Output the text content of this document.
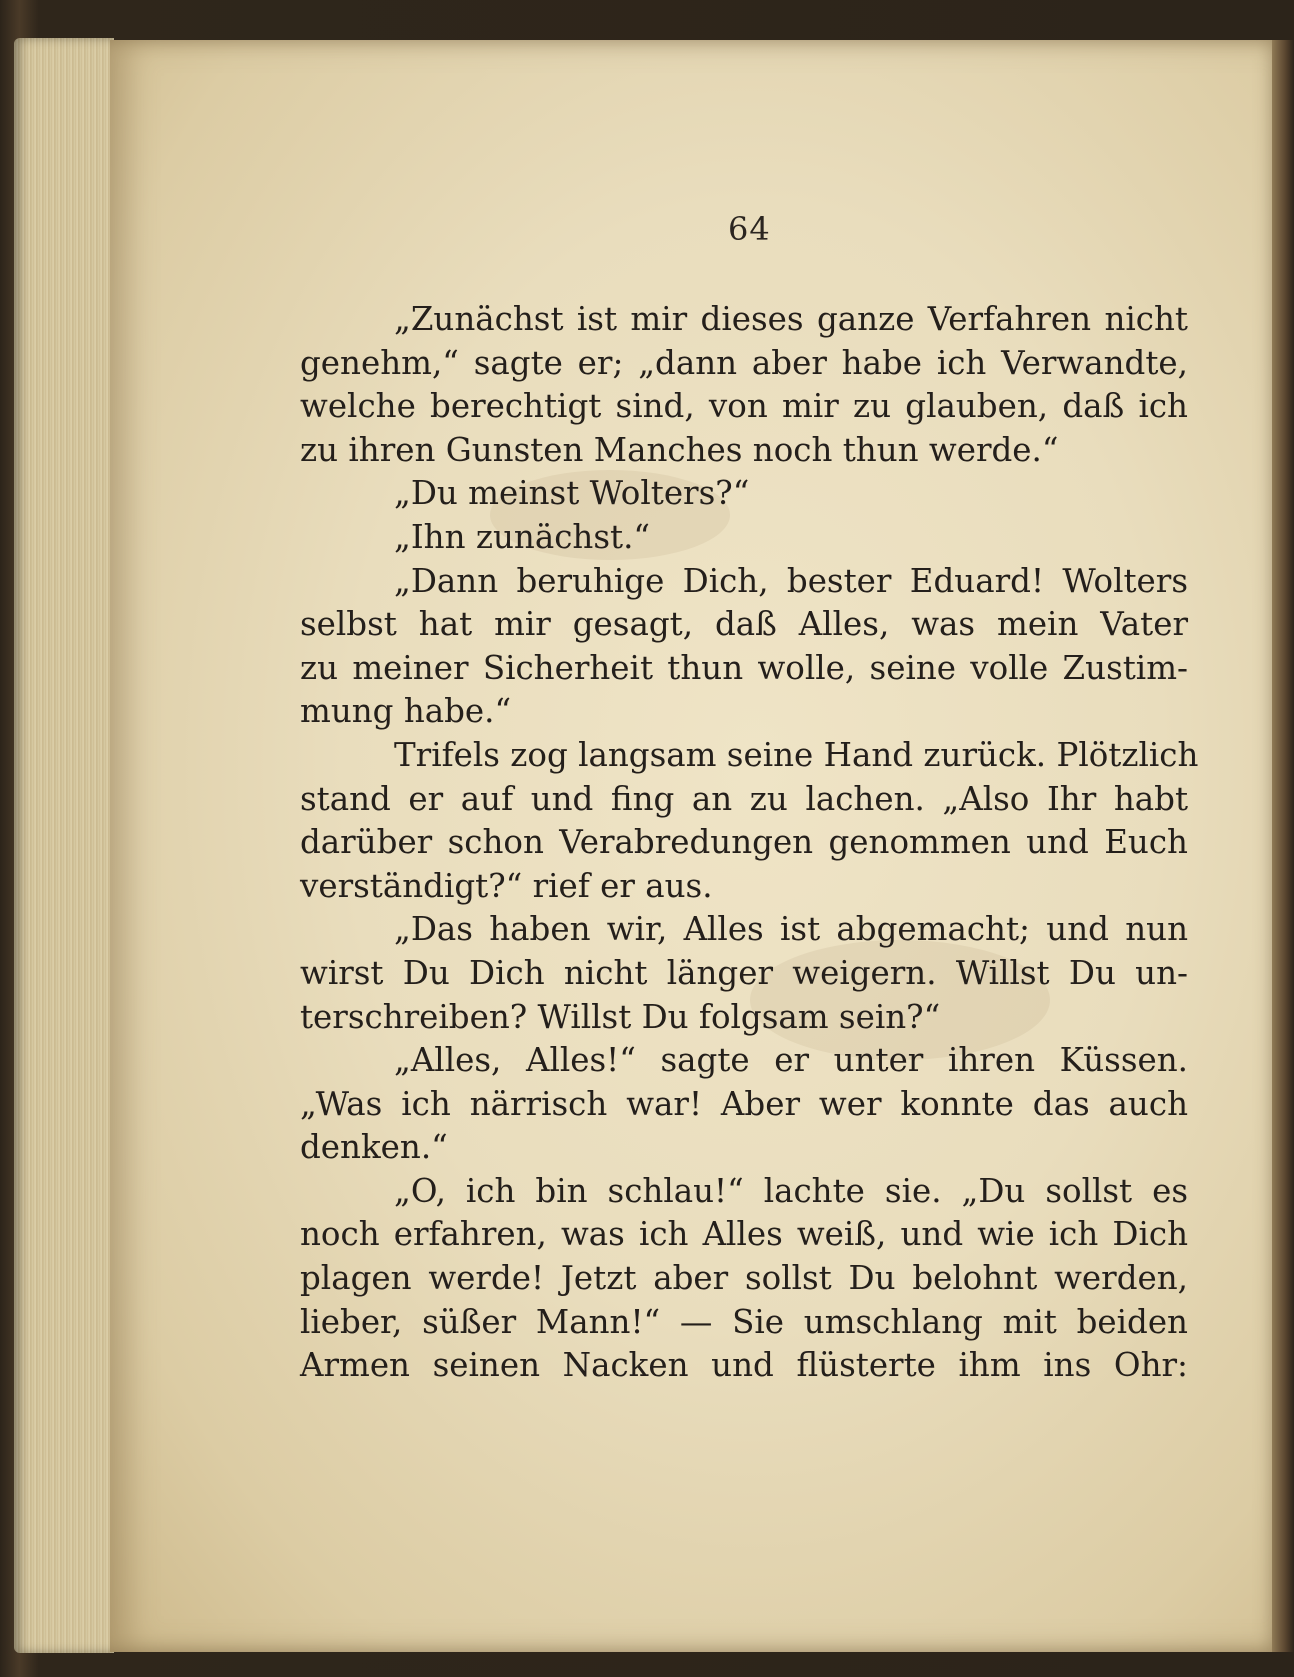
64

„Zunächst ist mir dieses ganze Verfahren nicht
genehm,“ sagte er; „dann aber habe ich Verwandte,
welche berechtigt sind, von mir zu glauben, daß ich
zu ihren Gunsten Manches noch thun werde.“

„Du meinst Wolters?“

„Ihn zunächst.“

„Dann beruhige Dich, bester Eduard! Wolters
selbst hat mir gesagt, daß Alles, was mein Vater
zu meiner Sicherheit thun wolle, seine volle Zustim-
mung habe.“

Trifels zog langsam seine Hand zurück. Plötzlich
stand er auf und fing an zu lachen. „Also Ihr habt
darüber schon Verabredungen genommen und Euch
verständigt?“ rief er aus.

„Das haben wir, Alles ist abgemacht; und nun
wirst Du Dich nicht länger weigern. Willst Du un-
terschreiben? Willst Du folgsam sein?“

„Alles, Alles!“ sagte er unter ihren Küssen.
„Was ich närrisch war! Aber wer konnte das auch
denken.“

„O, ich bin schlau!“ lachte sie. „Du sollst es
noch erfahren, was ich Alles weiß, und wie ich Dich
plagen werde! Jetzt aber sollst Du belohnt werden,
lieber, süßer Mann!“ — Sie umschlang mit beiden
Armen seinen Nacken und flüsterte ihm ins Ohr:
